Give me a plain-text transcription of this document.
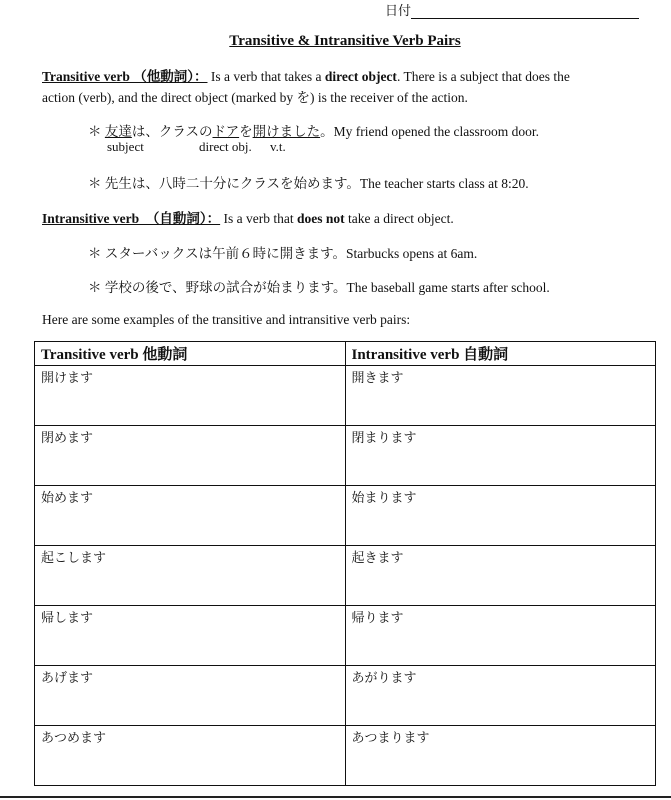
日付
Transitive & Intransitive Verb Pairs
Transitive verb （他動詞）： Is a verb that takes a direct object. There is a subject that does the
action (verb), and the direct object (marked by を) is the receiver of the action.
＊ 友達は、クラスのドアを開けました。My friend opened the classroom door.
subject	direct obj. v.t.
＊ 先生は、八時二十分にクラスを始めます。The teacher starts class at 8:20.
Intransitive verb　（自動詞）： Is a verb that does not take a direct object.
＊ スターバックスは午前６時に開きます。Starbucks opens at 6am.
＊ 学校の後で、野球の試合が始まります。The baseball game starts after school.
Here are some examples of the transitive and intransitive verb pairs:
Transitive verb 他動詞	Intransitive verb 自動詞
開けます	開きます
閉めます	閉まります
始めます	始まります
起こします	起きます
帰します	帰ります
あげます	あがります
あつめます	あつまります
